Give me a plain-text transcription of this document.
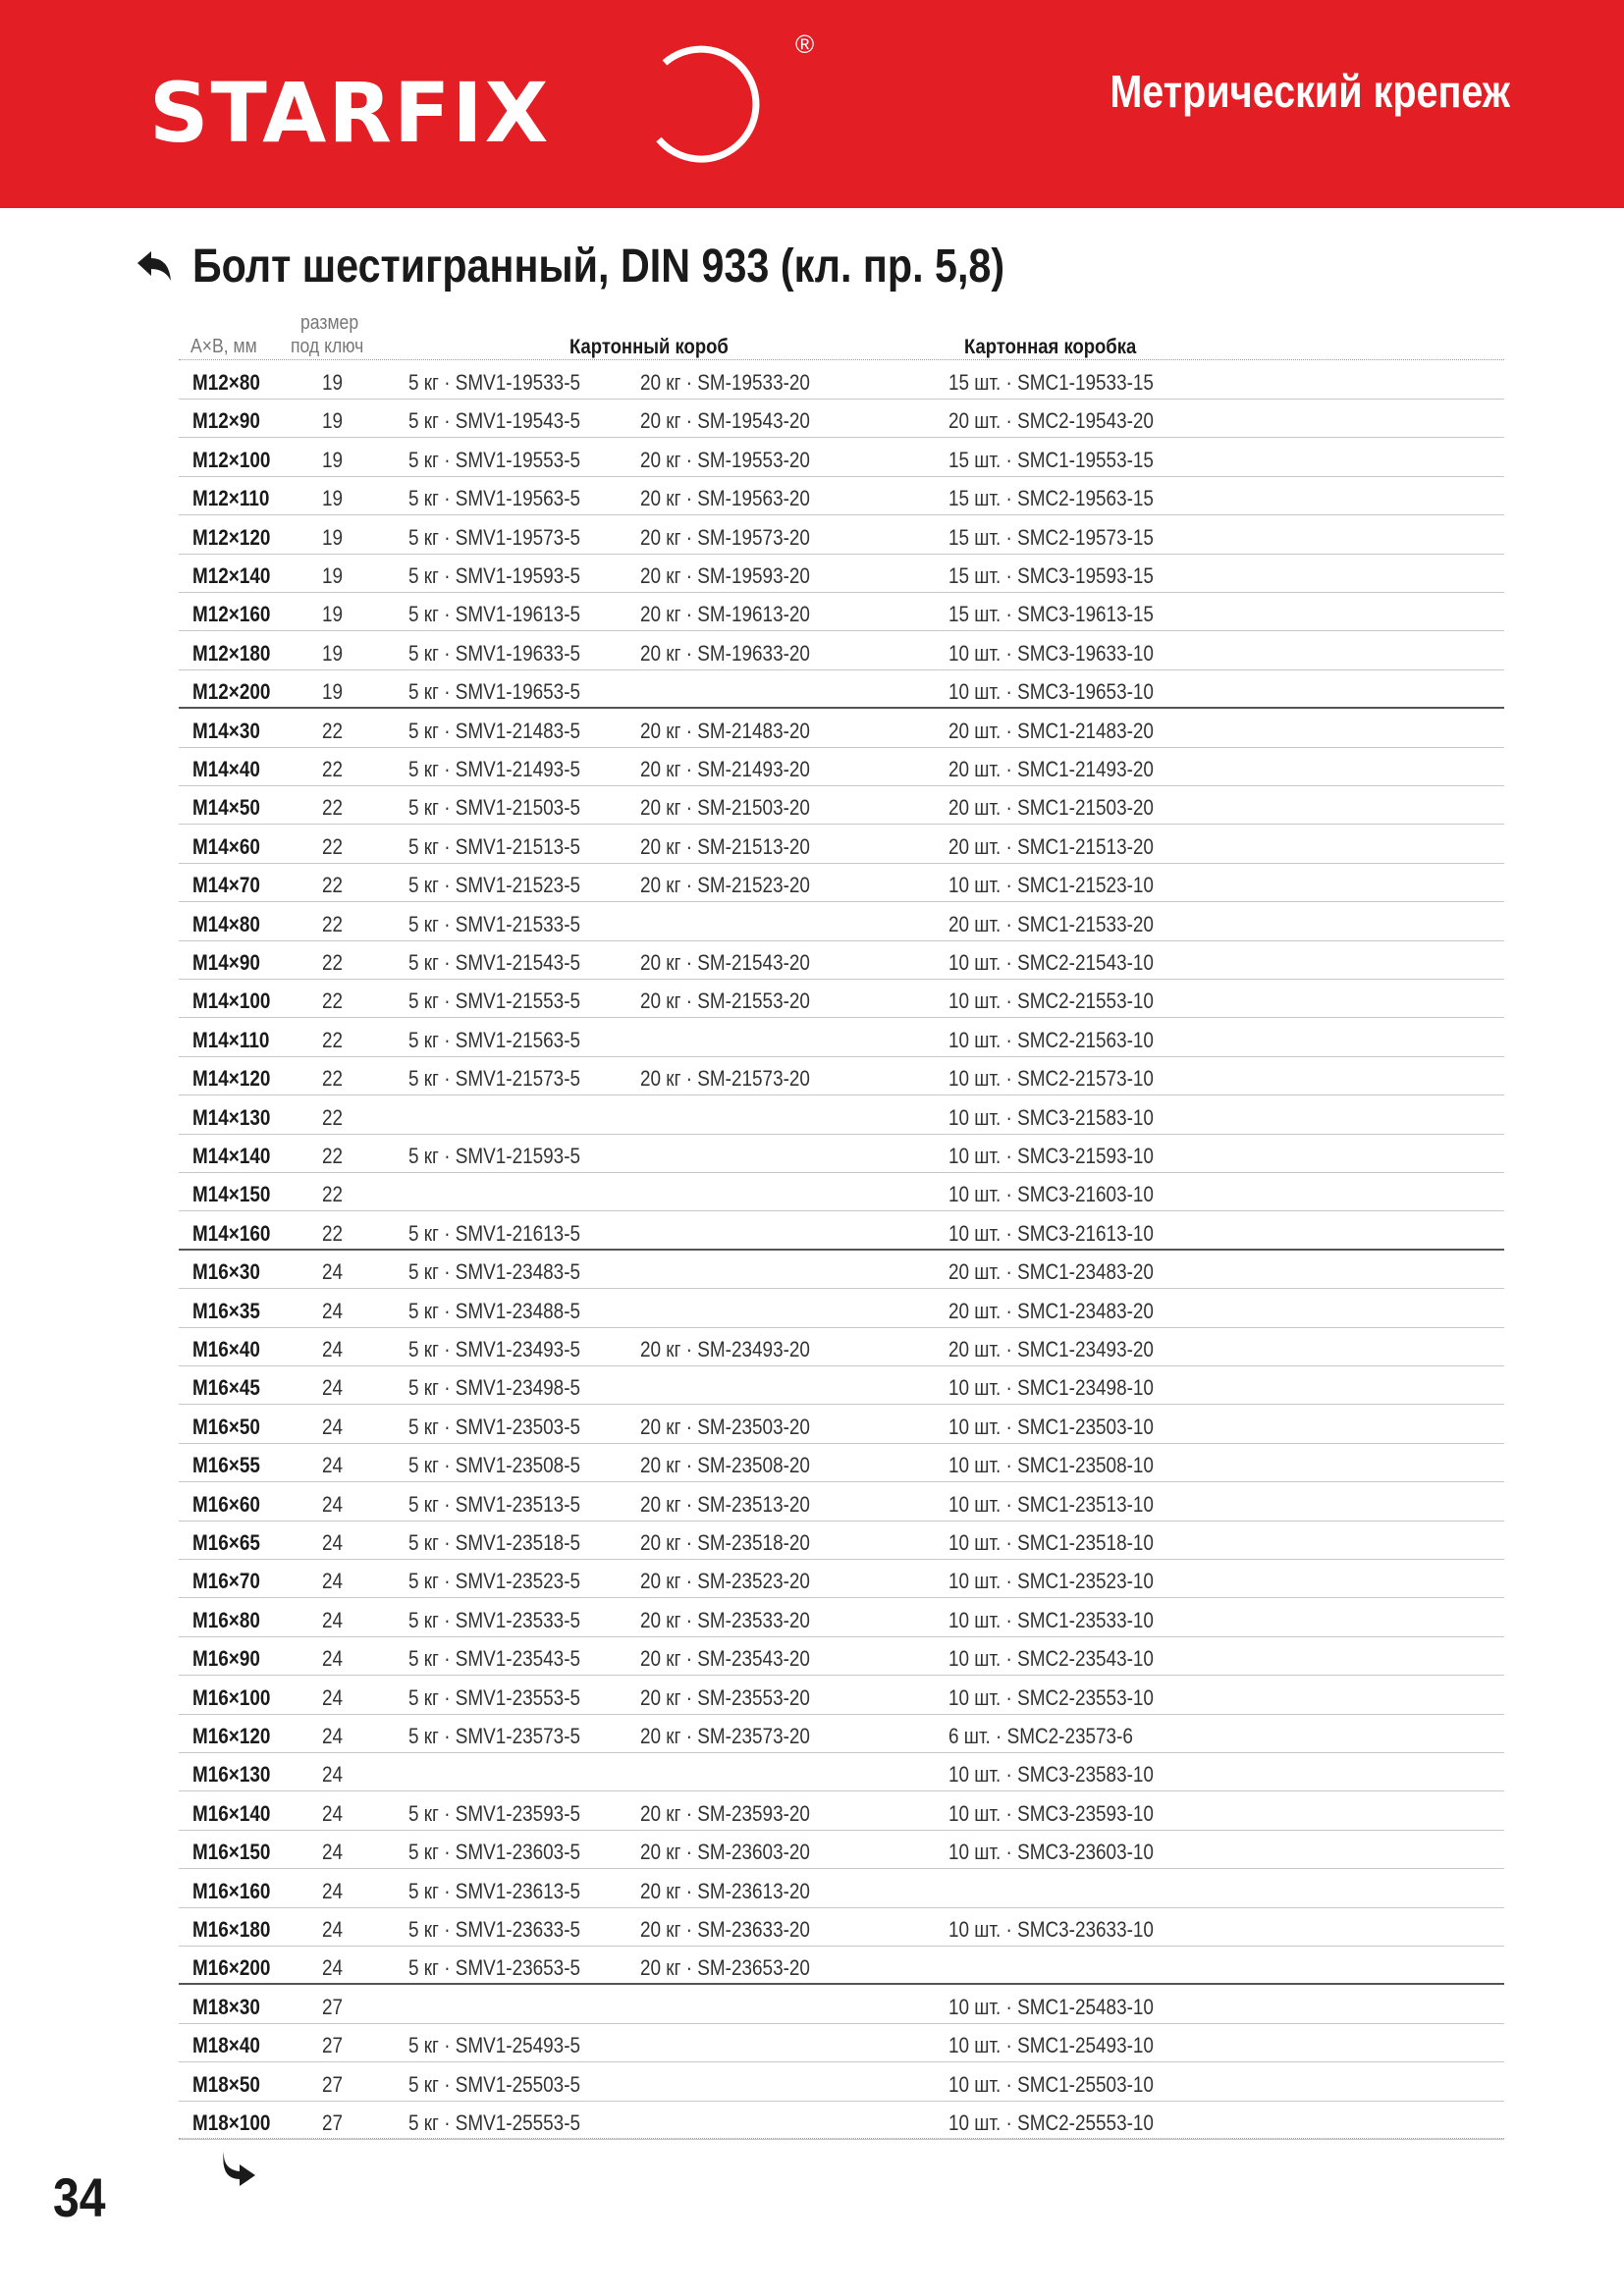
STARFIX
®
Метрический крепеж
Болт шестигранный, DIN 933 (кл. пр. 5,8)
A×B, мм
размер
под ключ	Картонный короб	Картонная коробка
M12×80	19	5 кг · SMV1-19533-5	20 кг · SM-19533-20	15 шт. · SMC1-19533-15
M12×90	19	5 кг · SMV1-19543-5	20 кг · SM-19543-20	20 шт. · SMC2-19543-20
M12×100 19	5 кг · SMV1-19553-5	20 кг · SM-19553-20	15 шт. · SMC1-19553-15
M12×110 19	5 кг · SMV1-19563-5	20 кг · SM-19563-20	15 шт. · SMC2-19563-15
M12×120 19	5 кг · SMV1-19573-5	20 кг · SM-19573-20	15 шт. · SMC2-19573-15
M12×140 19	5 кг · SMV1-19593-5	20 кг · SM-19593-20	15 шт. · SMC3-19593-15
M12×160 19	5 кг · SMV1-19613-5	20 кг · SM-19613-20	15 шт. · SMC3-19613-15
M12×180 19	5 кг · SMV1-19633-5	20 кг · SM-19633-20	10 шт. · SMC3-19633-10
M12×200 19	5 кг · SMV1-19653-5	10 шт. · SMC3-19653-10
M14×30	22	5 кг · SMV1-21483-5	20 кг · SM-21483-20	20 шт. · SMC1-21483-20
M14×40	22	5 кг · SMV1-21493-5	20 кг · SM-21493-20	20 шт. · SMC1-21493-20
M14×50	22	5 кг · SMV1-21503-5	20 кг · SM-21503-20	20 шт. · SMC1-21503-20
M14×60	22	5 кг · SMV1-21513-5	20 кг · SM-21513-20	20 шт. · SMC1-21513-20
M14×70	22	5 кг · SMV1-21523-5	20 кг · SM-21523-20	10 шт. · SMC1-21523-10
M14×80	22	5 кг · SMV1-21533-5	20 шт. · SMC1-21533-20
M14×90	22	5 кг · SMV1-21543-5	20 кг · SM-21543-20	10 шт. · SMC2-21543-10
M14×100 22	5 кг · SMV1-21553-5	20 кг · SM-21553-20	10 шт. · SMC2-21553-10
M14×110 22	5 кг · SMV1-21563-5	10 шт. · SMC2-21563-10
M14×120 22	5 кг · SMV1-21573-5	20 кг · SM-21573-20	10 шт. · SMC2-21573-10
M14×130 22	10 шт. · SMC3-21583-10
M14×140 22	5 кг · SMV1-21593-5	10 шт. · SMC3-21593-10
M14×150 22	10 шт. · SMC3-21603-10
M14×160 22	5 кг · SMV1-21613-5	10 шт. · SMC3-21613-10
M16×30	24	5 кг · SMV1-23483-5	20 шт. · SMC1-23483-20
M16×35	24	5 кг · SMV1-23488-5	20 шт. · SMC1-23483-20
M16×40	24	5 кг · SMV1-23493-5	20 кг · SM-23493-20	20 шт. · SMC1-23493-20
M16×45	24	5 кг · SMV1-23498-5	10 шт. · SMC1-23498-10
M16×50	24	5 кг · SMV1-23503-5	20 кг · SM-23503-20	10 шт. · SMC1-23503-10
M16×55	24	5 кг · SMV1-23508-5	20 кг · SM-23508-20	10 шт. · SMC1-23508-10
M16×60	24	5 кг · SMV1-23513-5	20 кг · SM-23513-20	10 шт. · SMC1-23513-10
M16×65	24	5 кг · SMV1-23518-5	20 кг · SM-23518-20	10 шт. · SMC1-23518-10
M16×70	24	5 кг · SMV1-23523-5	20 кг · SM-23523-20	10 шт. · SMC1-23523-10
M16×80	24	5 кг · SMV1-23533-5	20 кг · SM-23533-20	10 шт. · SMC1-23533-10
M16×90	24	5 кг · SMV1-23543-5	20 кг · SM-23543-20	10 шт. · SMC2-23543-10
M16×100 24	5 кг · SMV1-23553-5	20 кг · SM-23553-20	10 шт. · SMC2-23553-10
M16×120 24	5 кг · SMV1-23573-5	20 кг · SM-23573-20	6 шт. · SMC2-23573-6
M16×130 24	10 шт. · SMC3-23583-10
M16×140 24	5 кг · SMV1-23593-5	20 кг · SM-23593-20	10 шт. · SMC3-23593-10
M16×150 24	5 кг · SMV1-23603-5	20 кг · SM-23603-20	10 шт. · SMC3-23603-10
M16×160 24	5 кг · SMV1-23613-5	20 кг · SM-23613-20
M16×180 24	5 кг · SMV1-23633-5	20 кг · SM-23633-20	10 шт. · SMC3-23633-10
M16×200 24	5 кг · SMV1-23653-5	20 кг · SM-23653-20
M18×30	27	10 шт. · SMC1-25483-10
M18×40	27	5 кг · SMV1-25493-5	10 шт. · SMC1-25493-10
M18×50	27	5 кг · SMV1-25503-5	10 шт. · SMC1-25503-10
M18×100 27	5 кг · SMV1-25553-5	10 шт. · SMC2-25553-10
34
